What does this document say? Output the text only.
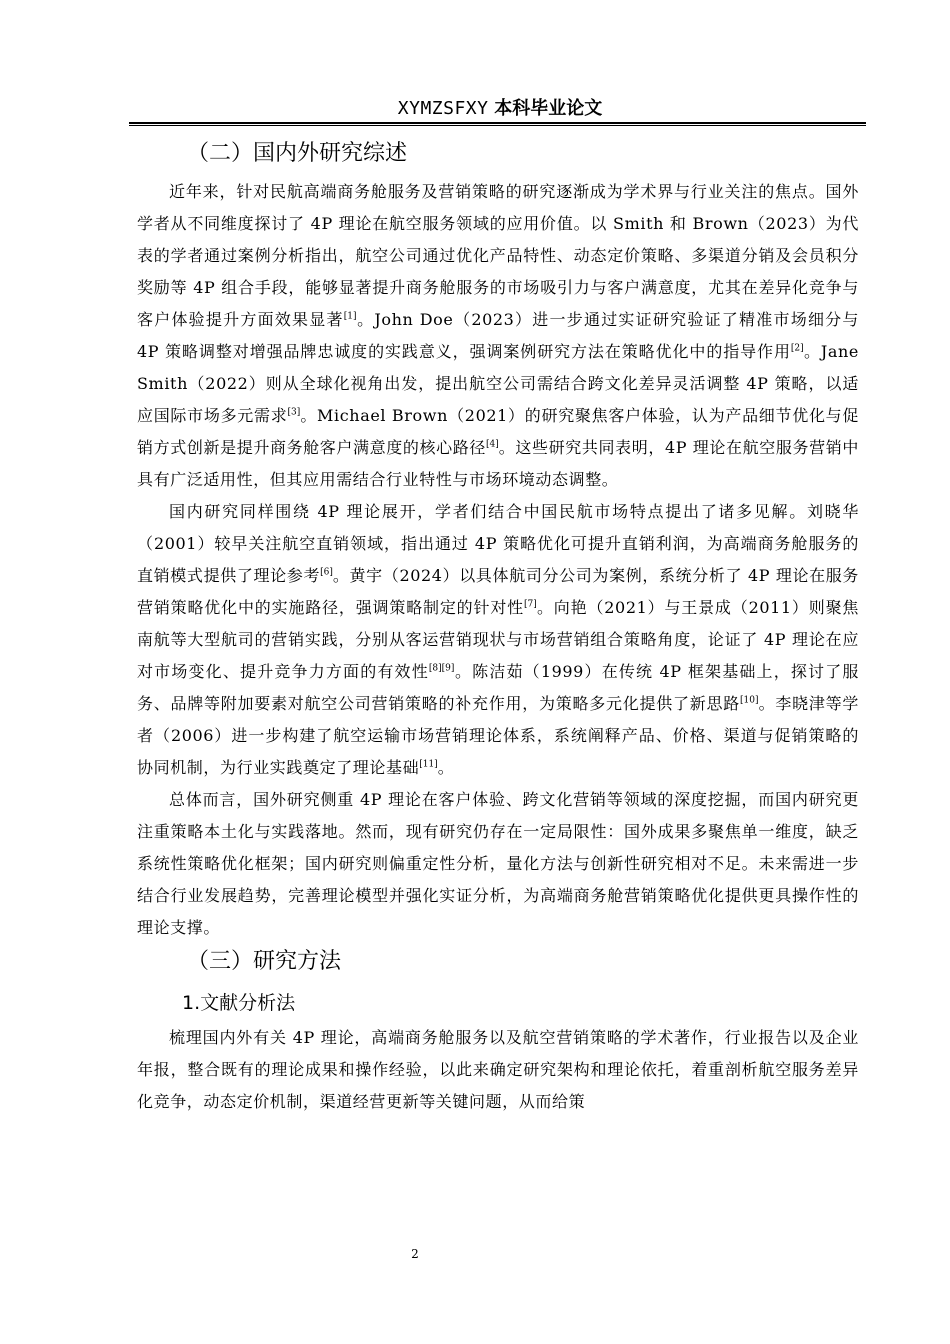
XYMZSFXY 本科毕业论文
（二）国内外研究综述

近年来，针对民航高端商务舱服务及营销策略的研究逐渐成为学术界与行业关注的焦点。国外学者从不同维度探讨了 4P 理论在航空服务领域的应用价值。以 Smith 和 Brown（2023）为代表的学者通过案例分析指出，航空公司通过优化产品特性、动态定价策略、多渠道分销及会员积分奖励等 4P 组合手段，能够显著提升商务舱服务的市场吸引力与客户满意度，尤其在差异化竞争与客户体验提升方面效果显著[1]。John Doe（2023）进一步通过实证研究验证了精准市场细分与 4P 策略调整对增强品牌忠诚度的实践意义，强调案例研究方法在策略优化中的指导作用[2]。Jane Smith（2022）则从全球化视角出发，提出航空公司需结合跨文化差异灵活调整 4P 策略，以适应国际市场多元需求[3]。Michael Brown（2021）的研究聚焦客户体验，认为产品细节优化与促销方式创新是提升商务舱客户满意度的核心路径[4]。这些研究共同表明，4P 理论在航空服务营销中具有广泛适用性，但其应用需结合行业特性与市场环境动态调整。

国内研究同样围绕 4P 理论展开，学者们结合中国民航市场特点提出了诸多见解。刘晓华（2001）较早关注航空直销领域，指出通过 4P 策略优化可提升直销利润，为高端商务舱服务的直销模式提供了理论参考[6]。黄宇（2024）以具体航司分公司为案例，系统分析了 4P 理论在服务营销策略优化中的实施路径，强调策略制定的针对性[7]。向艳（2021）与王景成（2011）则聚焦南航等大型航司的营销实践，分别从客运营销现状与市场营销组合策略角度，论证了 4P 理论在应对市场变化、提升竞争力方面的有效性[8][9]。陈洁茹（1999）在传统 4P 框架基础上，探讨了服务、品牌等附加要素对航空公司营销策略的补充作用，为策略多元化提供了新思路[10]。李晓津等学者（2006）进一步构建了航空运输市场营销理论体系，系统阐释产品、价格、渠道与促销策略的协同机制，为行业实践奠定了理论基础[11]。

总体而言，国外研究侧重 4P 理论在客户体验、跨文化营销等领域的深度挖掘，而国内研究更注重策略本土化与实践落地。然而，现有研究仍存在一定局限性：国外成果多聚焦单一维度，缺乏系统性策略优化框架；国内研究则偏重定性分析，量化方法与创新性研究相对不足。未来需进一步结合行业发展趋势，完善理论模型并强化实证分析，为高端商务舱营销策略优化提供更具操作性的理论支撑。

（三）研究方法
1.文献分析法

梳理国内外有关 4P 理论，高端商务舱服务以及航空营销策略的学术著作，行业报告以及企业年报，整合既有的理论成果和操作经验，以此来确定研究架构和理论依托，着重剖析航空服务差异化竞争，动态定价机制，渠道经营更新等关键问题，从而给策

2
